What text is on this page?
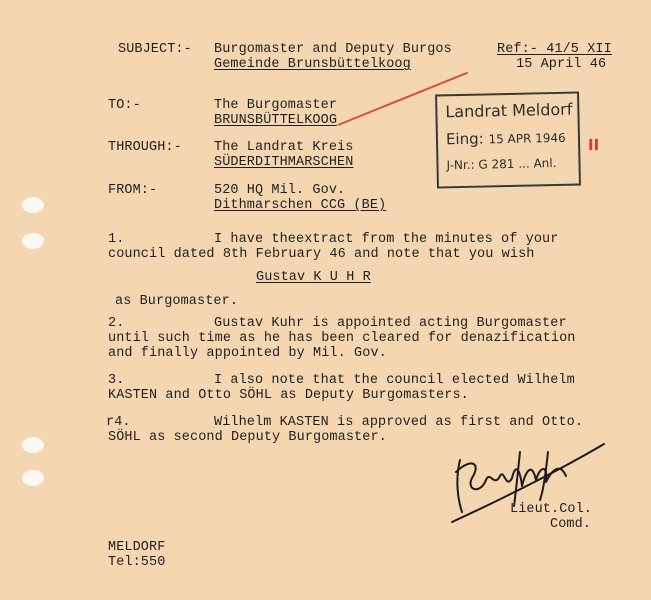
SUBJECT:- Burgomaster and Deputy Burgos
Gemeinde Brunsbüttelkoog
Ref:- 41/5 XII
15 April 46
TO:-	The Burgomaster
BRUNSBÜTTELKOOG
THROUGH:- The Landrat Kreis
SÜDERDITHMARSCHEN
FROM:-	520 HQ Mil. Gov.
Dithmarschen CCG (BE)
Landrat Meldorf
Eing: 15 APR 1946
J-Nr.: G 281 ... Anl.
II
1.	I have theextract from the minutes of your
council dated 8th February 46 and note that you wish
Gustav K U H R
as Burgomaster.
2.	Gustav Kuhr is appointed acting Burgomaster
until such time as he has been cleared for denazification
and finally appointed by Mil. Gov.
3.	I also note that the council elected Wilhelm
KASTEN and Otto SÖHL as Deputy Burgomasters.
r4.	Wilhelm KASTEN is approved as first and Otto.
SÖHL as second Deputy Burgomaster.
Lieut.Col.
Comd.
MELDORF
Tel:550
